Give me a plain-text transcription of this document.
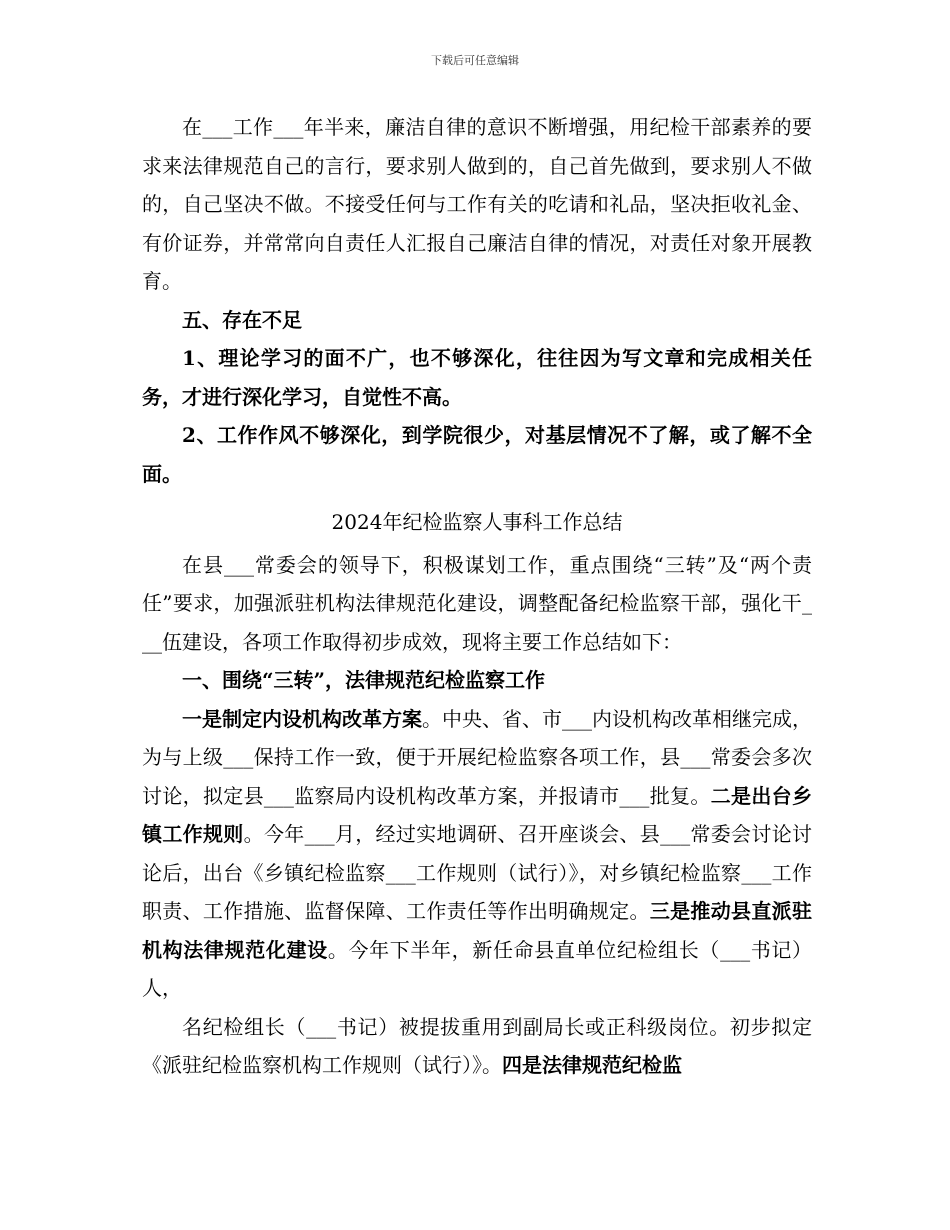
下载后可任意编辑

在___工作___年半来，廉洁自律的意识不断增强，用纪检干部素养的要求来法律规范自己的言行，要求别人做到的，自己首先做到，要求别人不做的，自己坚决不做。不接受任何与工作有关的吃请和礼品，坚决拒收礼金、有价证券，并常常向自责任人汇报自己廉洁自律的情况，对责任对象开展教育。

五、存在不足

1、理论学习的面不广，也不够深化，往往因为写文章和完成相关任务，才进行深化学习，自觉性不高。

2、工作作风不够深化，到学院很少，对基层情况不了解，或了解不全面。

2024年纪检监察人事科工作总结

在县___常委会的领导下，积极谋划工作，重点围绕“三转”及“两个责任”要求，加强派驻机构法律规范化建设，调整配备纪检监察干部，强化干___伍建设，各项工作取得初步成效，现将主要工作总结如下：

一、围绕“三转”，法律规范纪检监察工作

一是制定内设机构改革方案。中央、省、市___内设机构改革相继完成，为与上级___保持工作一致，便于开展纪检监察各项工作，县___常委会多次讨论，拟定县___监察局内设机构改革方案，并报请市___批复。二是出台乡镇工作规则。今年___月，经过实地调研、召开座谈会、县___常委会讨论讨论后，出台《乡镇纪检监察___工作规则（试行）》，对乡镇纪检监察___工作职责、工作措施、监督保障、工作责任等作出明确规定。三是推动县直派驻机构法律规范化建设。今年下半年，新任命县直单位纪检组长（___书记）人，

名纪检组长（___书记）被提拔重用到副局长或正科级岗位。初步拟定《派驻纪检监察机构工作规则（试行）》。四是法律规范纪检监
